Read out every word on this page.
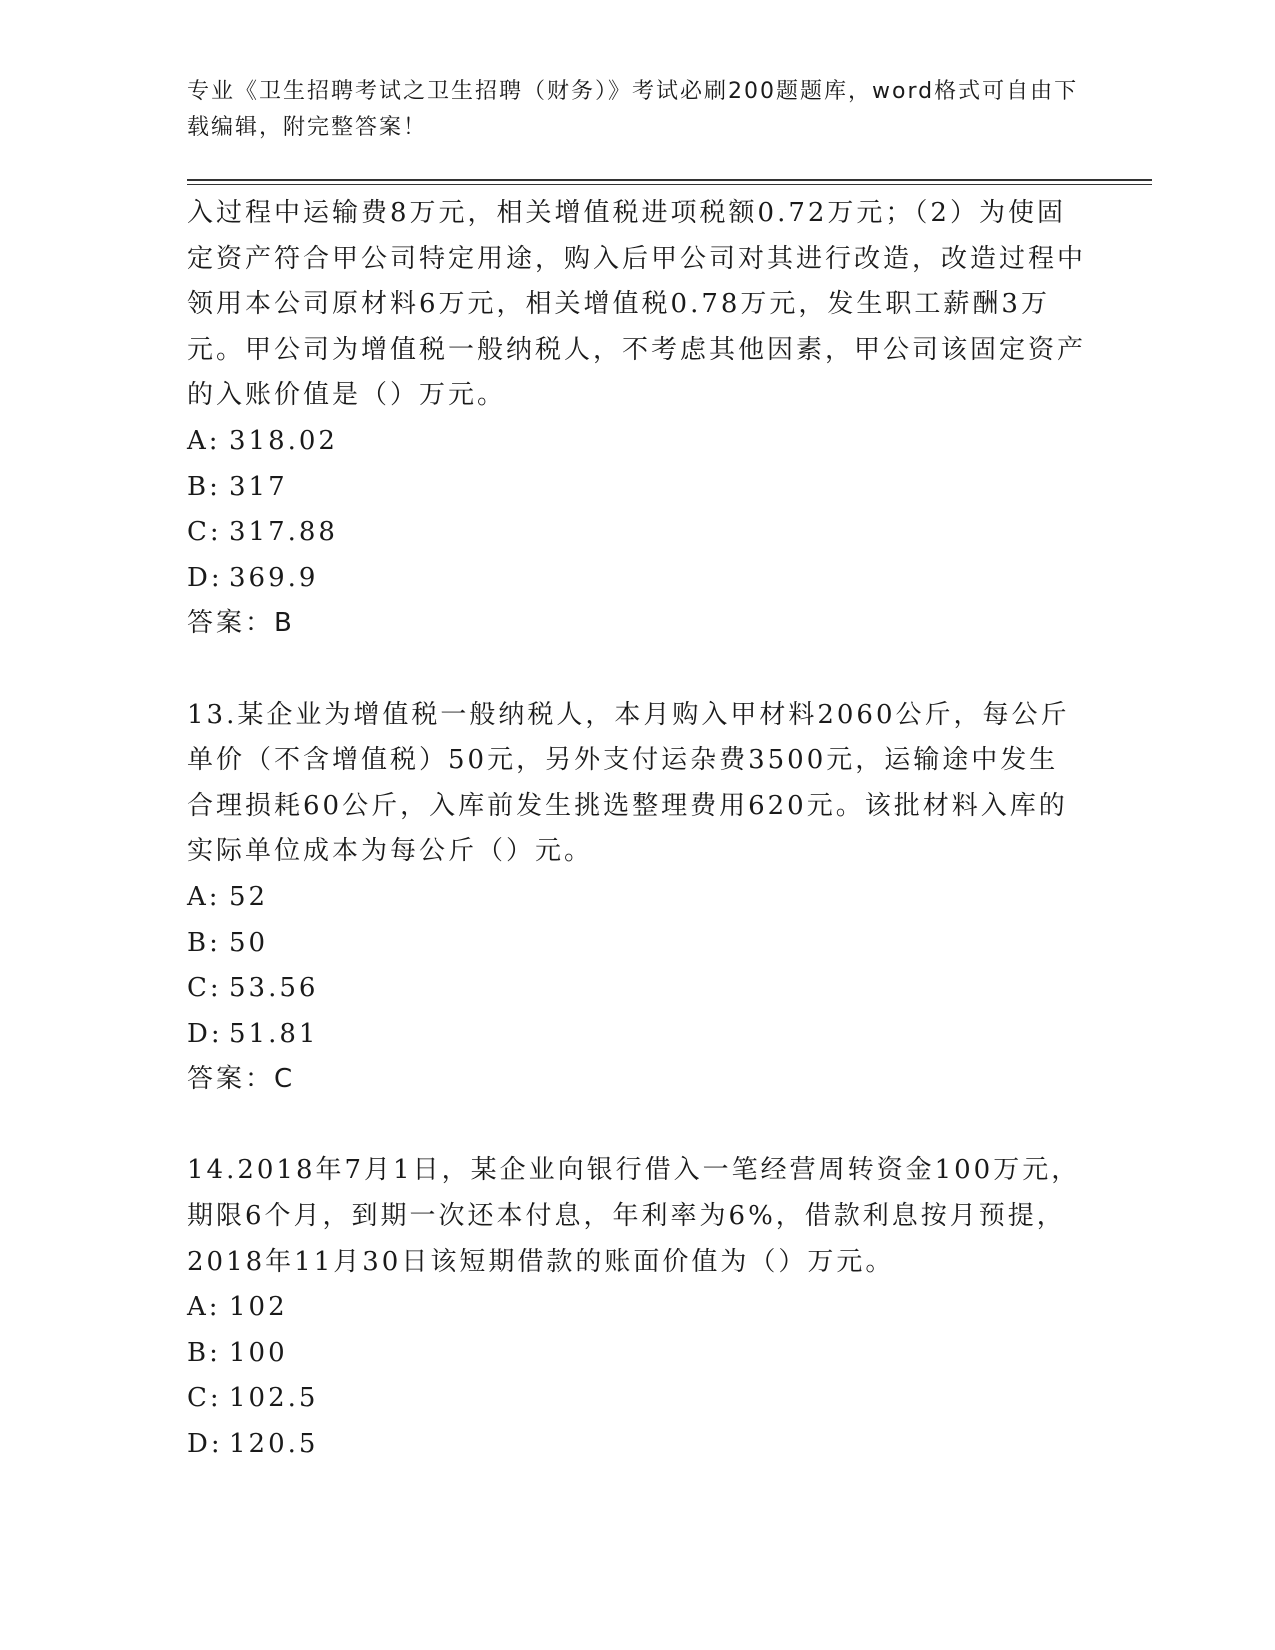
专业《卫生招聘考试之卫生招聘（财务）》考试必刷200题题库，word格式可自由下载编辑，附完整答案！
入过程中运输费8万元，相关增值税进项税额0.72万元；（2）为使固定资产符合甲公司特定用途，购入后甲公司对其进行改造，改造过程中领用本公司原材料6万元，相关增值税0.78万元，发生职工薪酬3万元。甲公司为增值税一般纳税人，不考虑其他因素，甲公司该固定资产的入账价值是（）万元。
A: 318.02
B: 317
C: 317.88
D: 369.9
答案：B
13.某企业为增值税一般纳税人，本月购入甲材料2060公斤，每公斤单价（不含增值税）50元，另外支付运杂费3500元，运输途中发生合理损耗60公斤，入库前发生挑选整理费用620元。该批材料入库的实际单位成本为每公斤（）元。
A: 52
B: 50
C: 53.56
D: 51.81
答案：C
14.2018年7月1日，某企业向银行借入一笔经营周转资金100万元，期限6个月，到期一次还本付息，年利率为6%，借款利息按月预提，2018年11月30日该短期借款的账面价值为（）万元。
A: 102
B: 100
C: 102.5
D: 120.5
